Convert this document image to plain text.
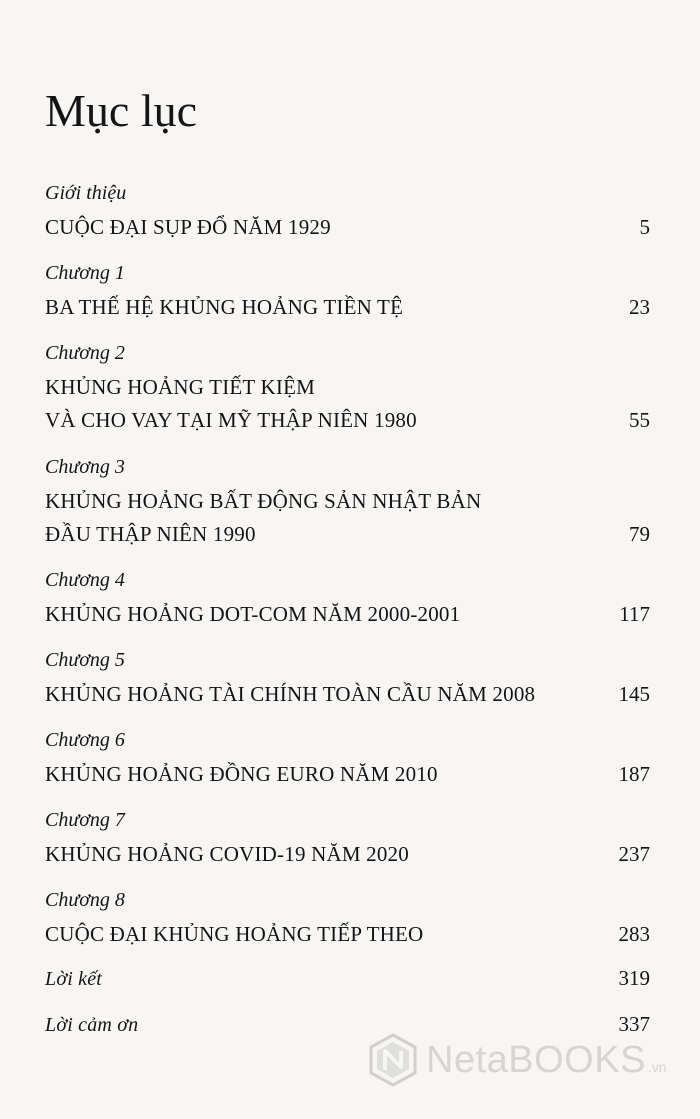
Mục lục
Giới thiệu
CUỘC ĐẠI SỤP ĐỔ NĂM 1929	5
Chương 1
BA THẾ HỆ KHỦNG HOẢNG TIỀN TỆ	23
Chương 2
KHỦNG HOẢNG TIẾT KIỆM
VÀ CHO VAY TẠI MỸ THẬP NIÊN 1980	55
Chương 3
KHỦNG HOẢNG BẤT ĐỘNG SẢN NHẬT BẢN
ĐẦU THẬP NIÊN 1990	79
Chương 4
KHỦNG HOẢNG DOT-COM NĂM 2000-2001	117
Chương 5
KHỦNG HOẢNG TÀI CHÍNH TOÀN CẦU NĂM 2008	145
Chương 6
KHỦNG HOẢNG ĐỒNG EURO NĂM 2010	187
Chương 7
KHỦNG HOẢNG COVID-19 NĂM 2020	237
Chương 8
CUỘC ĐẠI KHỦNG HOẢNG TIẾP THEO	283
Lời kết	319
Lời cảm ơn	337
NetaBOOKS .vn
